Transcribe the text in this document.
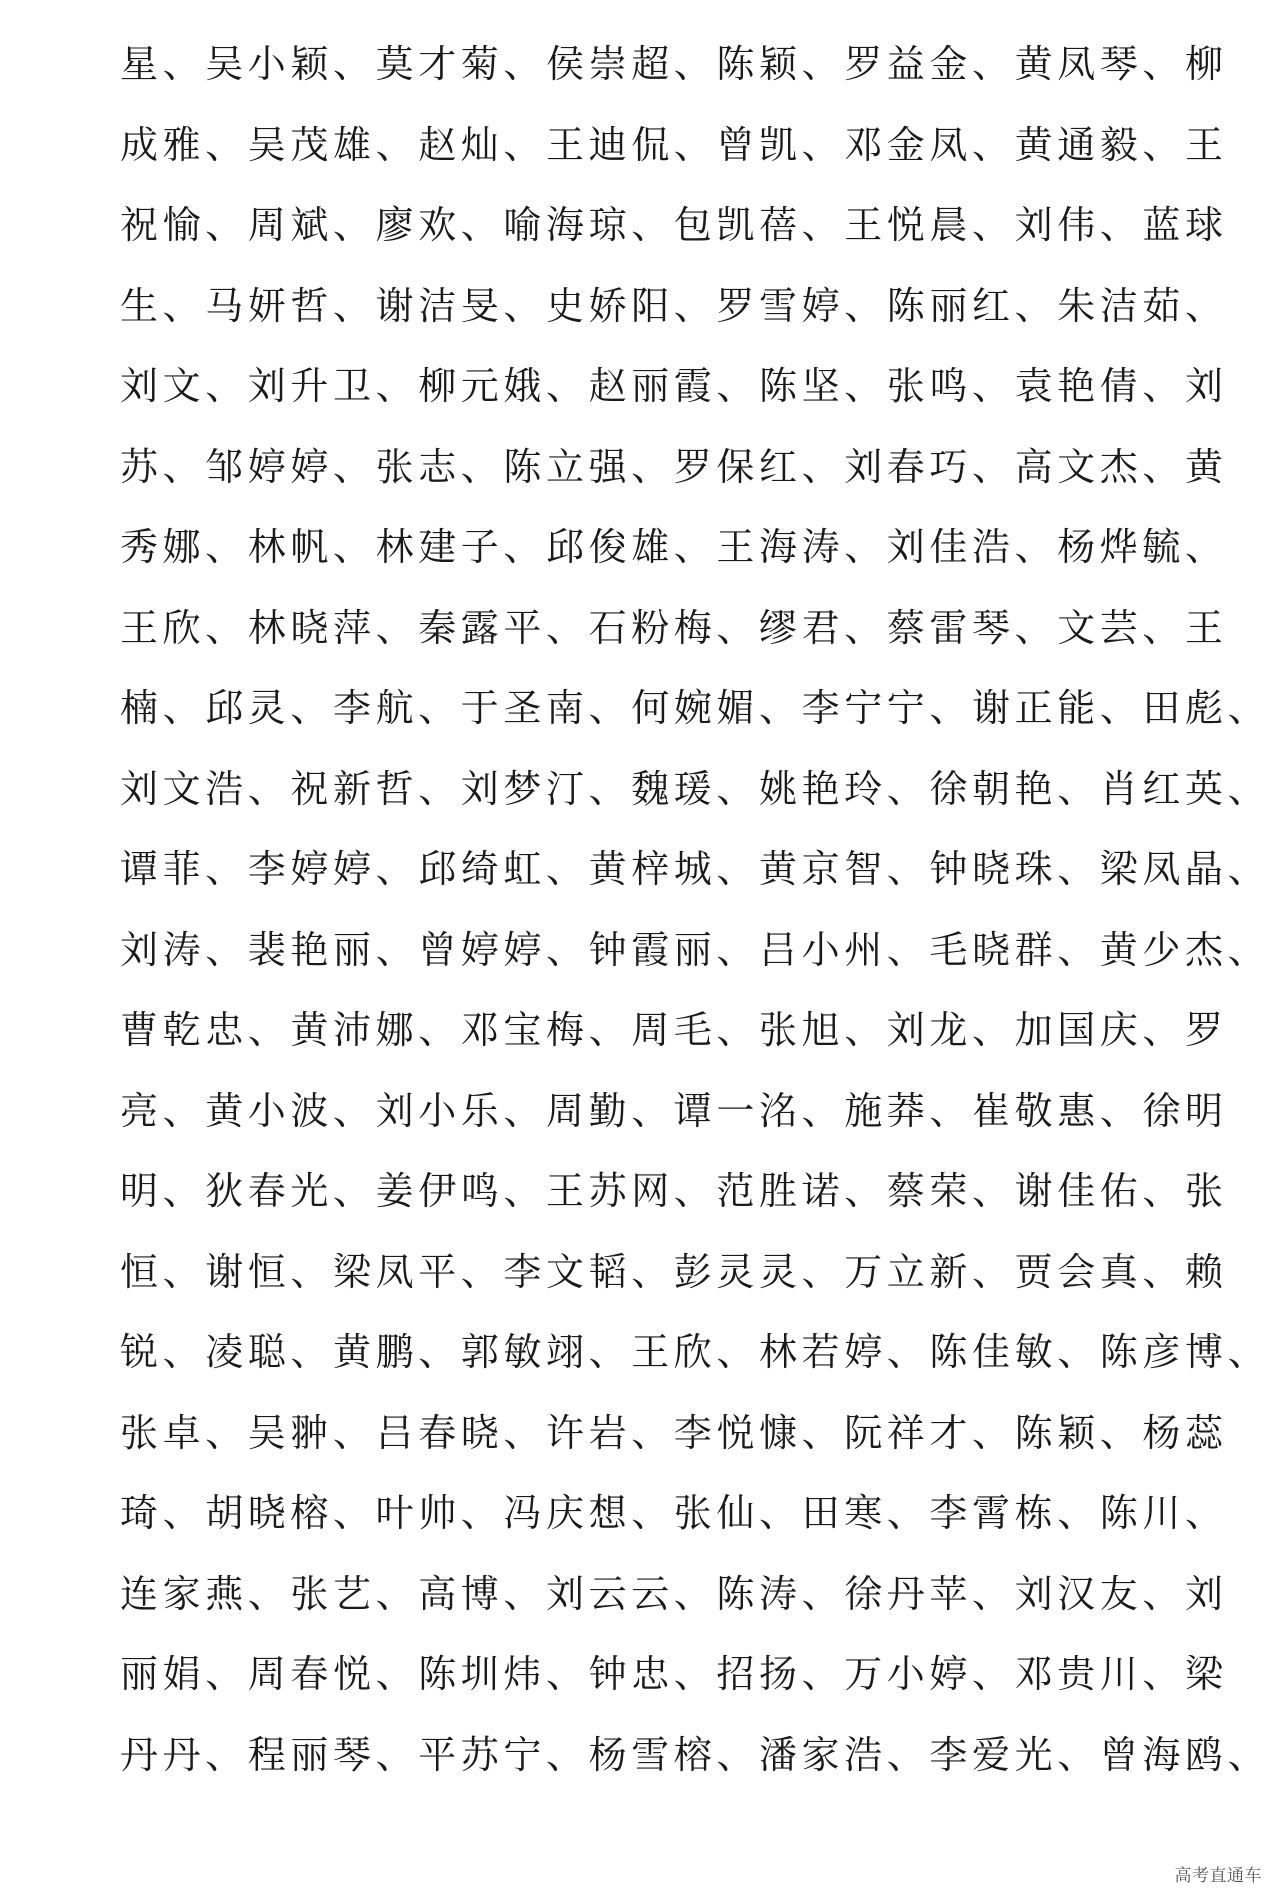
星、吴小颖、莫才菊、侯崇超、陈颖、罗益金、黄凤琴、柳
成雅、吴茂雄、赵灿、王迪侃、曾凯、邓金凤、黄通毅、王
祝愉、周斌、廖欢、喻海琼、包凯蓓、王悦晨、刘伟、蓝球
生、马妍哲、谢洁旻、史娇阳、罗雪婷、陈丽红、朱洁茹、
刘文、刘升卫、柳元娥、赵丽霞、陈坚、张鸣、袁艳倩、刘
苏、邹婷婷、张志、陈立强、罗保红、刘春巧、高文杰、黄
秀娜、林帆、林建子、邱俊雄、王海涛、刘佳浩、杨烨毓、
王欣、林晓萍、秦露平、石粉梅、缪君、蔡雷琴、文芸、王
楠、邱灵、李航、于圣南、何婉媚、李宁宁、谢正能、田彪、
刘文浩、祝新哲、刘梦汀、魏瑗、姚艳玲、徐朝艳、肖红英、
谭菲、李婷婷、邱绮虹、黄梓城、黄京智、钟晓珠、梁凤晶、
刘涛、裴艳丽、曾婷婷、钟霞丽、吕小州、毛晓群、黄少杰、
曹乾忠、黄沛娜、邓宝梅、周毛、张旭、刘龙、加国庆、罗
亮、黄小波、刘小乐、周勤、谭一洺、施莽、崔敬惠、徐明
明、狄春光、姜伊鸣、王苏网、范胜诺、蔡荣、谢佳佑、张
恒、谢恒、梁凤平、李文韬、彭灵灵、万立新、贾会真、赖
锐、凌聪、黄鹏、郭敏翊、王欣、林若婷、陈佳敏、陈彦博、
张卓、吴翀、吕春晓、许岩、李悦慷、阮祥才、陈颖、杨蕊
琦、胡晓榕、叶帅、冯庆想、张仙、田寒、李霄栋、陈川、
连家燕、张艺、高博、刘云云、陈涛、徐丹苹、刘汉友、刘
丽娟、周春悦、陈圳炜、钟忠、招扬、万小婷、邓贵川、梁
丹丹、程丽琴、平苏宁、杨雪榕、潘家浩、李爱光、曾海鸥、
高考直通车
